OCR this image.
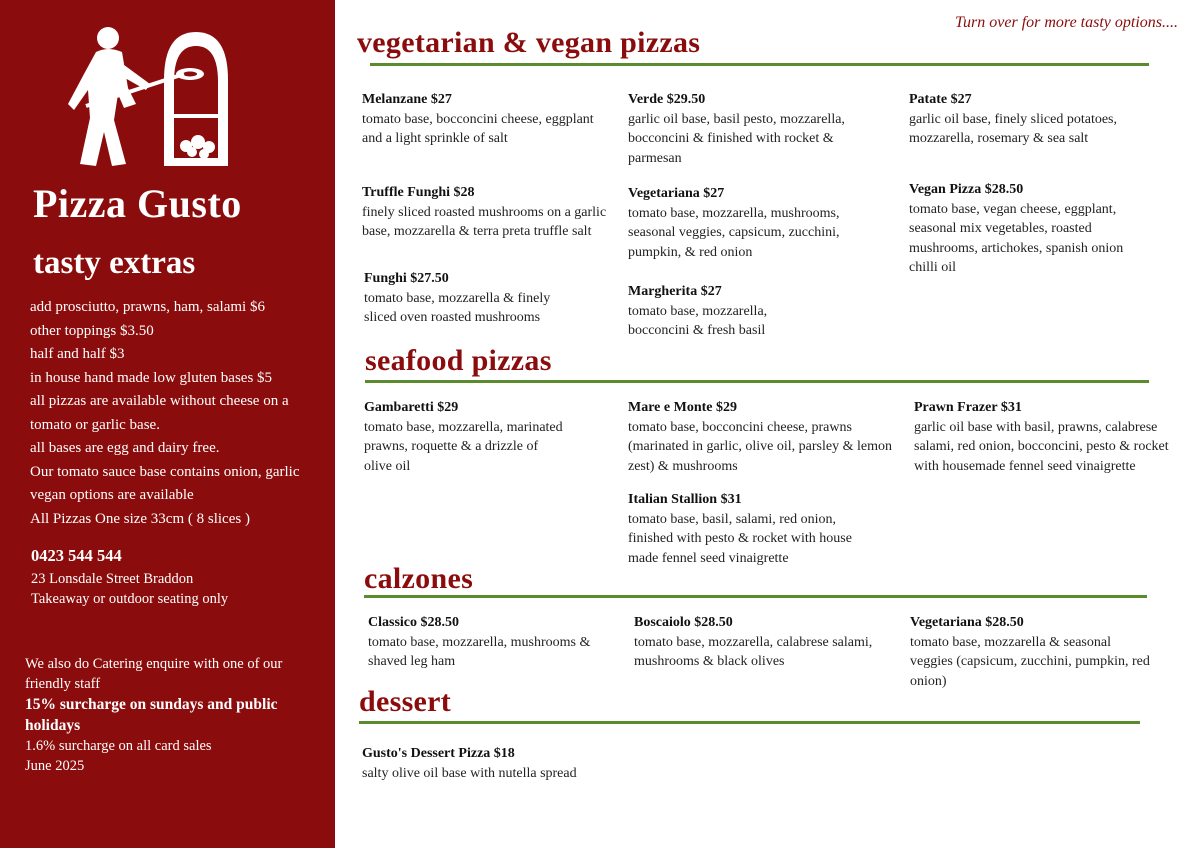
Pizza Gusto
tasty extras
add prosciutto, prawns, ham, salami $6
other toppings $3.50
half and half $3
in house hand made low gluten bases $5
all pizzas are available without cheese on a tomato or garlic base.
all bases are egg and dairy free.
Our tomato sauce base contains onion, garlic
vegan options are available
All Pizzas One size 33cm ( 8 slices )
0423 544 544
23 Lonsdale Street Braddon
Takeaway or outdoor seating only
We also do Catering enquire with one of our friendly staff
15% surcharge on sundays and public holidays
1.6% surcharge on all card sales
June 2025
Turn over for more tasty options....
vegetarian & vegan pizzas
Melanzane $27
tomato base, bocconcini cheese, eggplant and a light sprinkle of salt
Verde $29.50
garlic oil base, basil pesto, mozzarella, bocconcini & finished with rocket & parmesan
Patate $27
garlic oil base, finely sliced potatoes, mozzarella, rosemary & sea salt
Truffle Funghi $28
finely sliced roasted mushrooms on a garlic base, mozzarella & terra preta truffle salt
Vegetariana $27
tomato base, mozzarella, mushrooms, seasonal veggies, capsicum, zucchini, pumpkin, & red onion
Vegan Pizza $28.50
tomato base, vegan cheese, eggplant, seasonal mix vegetables, roasted mushrooms, artichokes, spanish onion chilli oil
Funghi $27.50
tomato base, mozzarella & finely sliced oven roasted mushrooms
Margherita $27
tomato base, mozzarella, bocconcini & fresh basil
seafood pizzas
Gambaretti $29
tomato base, mozzarella, marinated prawns, roquette & a drizzle of olive oil
Mare e Monte $29
tomato base, bocconcini cheese, prawns (marinated in garlic, olive oil, parsley & lemon zest) & mushrooms
Prawn Frazer $31
garlic oil base with basil, prawns, calabrese salami, red onion, bocconcini, pesto & rocket with housemade fennel seed vinaigrette
Italian Stallion $31
tomato base, basil, salami, red onion, finished with pesto & rocket with house made fennel seed vinaigrette
calzones
Classico $28.50
tomato base, mozzarella, mushrooms & shaved leg ham
Boscaiolo $28.50
tomato base, mozzarella, calabrese salami, mushrooms & black olives
Vegetariana $28.50
tomato base, mozzarella & seasonal veggies (capsicum, zucchini, pumpkin, red onion)
dessert
Gusto's Dessert Pizza $18
salty olive oil base with nutella spread
